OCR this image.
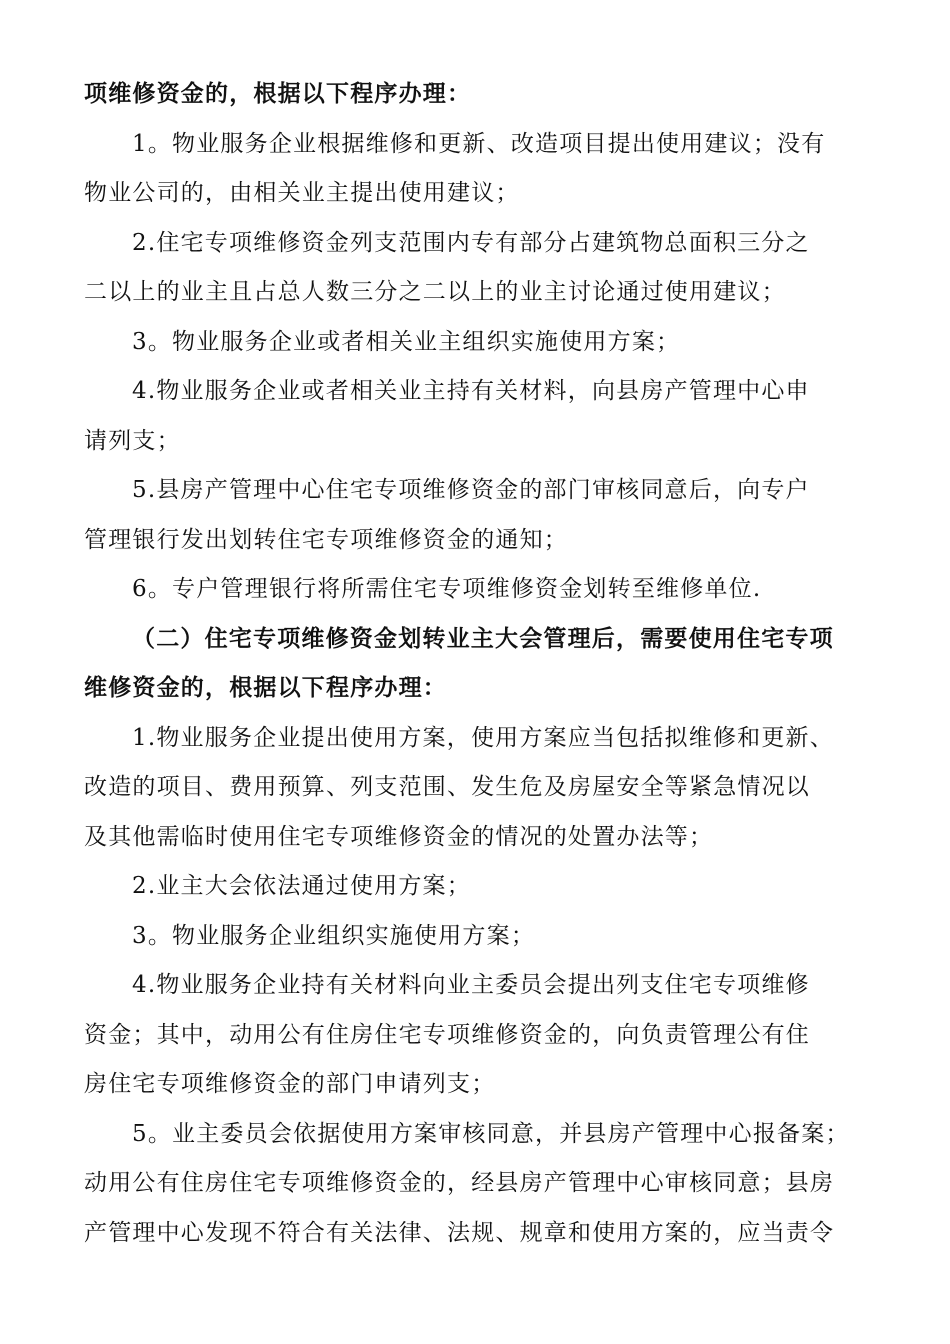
项维修资金的，根据以下程序办理：
1。物业服务企业根据维修和更新、改造项目提出使用建议；没有
物业公司的，由相关业主提出使用建议；
2.住宅专项维修资金列支范围内专有部分占建筑物总面积三分之
二以上的业主且占总人数三分之二以上的业主讨论通过使用建议；
3。物业服务企业或者相关业主组织实施使用方案；
4.物业服务企业或者相关业主持有关材料，向县房产管理中心申
请列支；
5.县房产管理中心住宅专项维修资金的部门审核同意后，向专户
管理银行发出划转住宅专项维修资金的通知；
6。专户管理银行将所需住宅专项维修资金划转至维修单位.
（二）住宅专项维修资金划转业主大会管理后，需要使用住宅专项
维修资金的，根据以下程序办理：
1.物业服务企业提出使用方案，使用方案应当包括拟维修和更新、
改造的项目、费用预算、列支范围、发生危及房屋安全等紧急情况以
及其他需临时使用住宅专项维修资金的情况的处置办法等；
2.业主大会依法通过使用方案；
3。物业服务企业组织实施使用方案；
4.物业服务企业持有关材料向业主委员会提出列支住宅专项维修
资金；其中，动用公有住房住宅专项维修资金的，向负责管理公有住
房住宅专项维修资金的部门申请列支；
5。业主委员会依据使用方案审核同意，并县房产管理中心报备案；
动用公有住房住宅专项维修资金的，经县房产管理中心审核同意；县房
产管理中心发现不符合有关法律、法规、规章和使用方案的，应当责令
